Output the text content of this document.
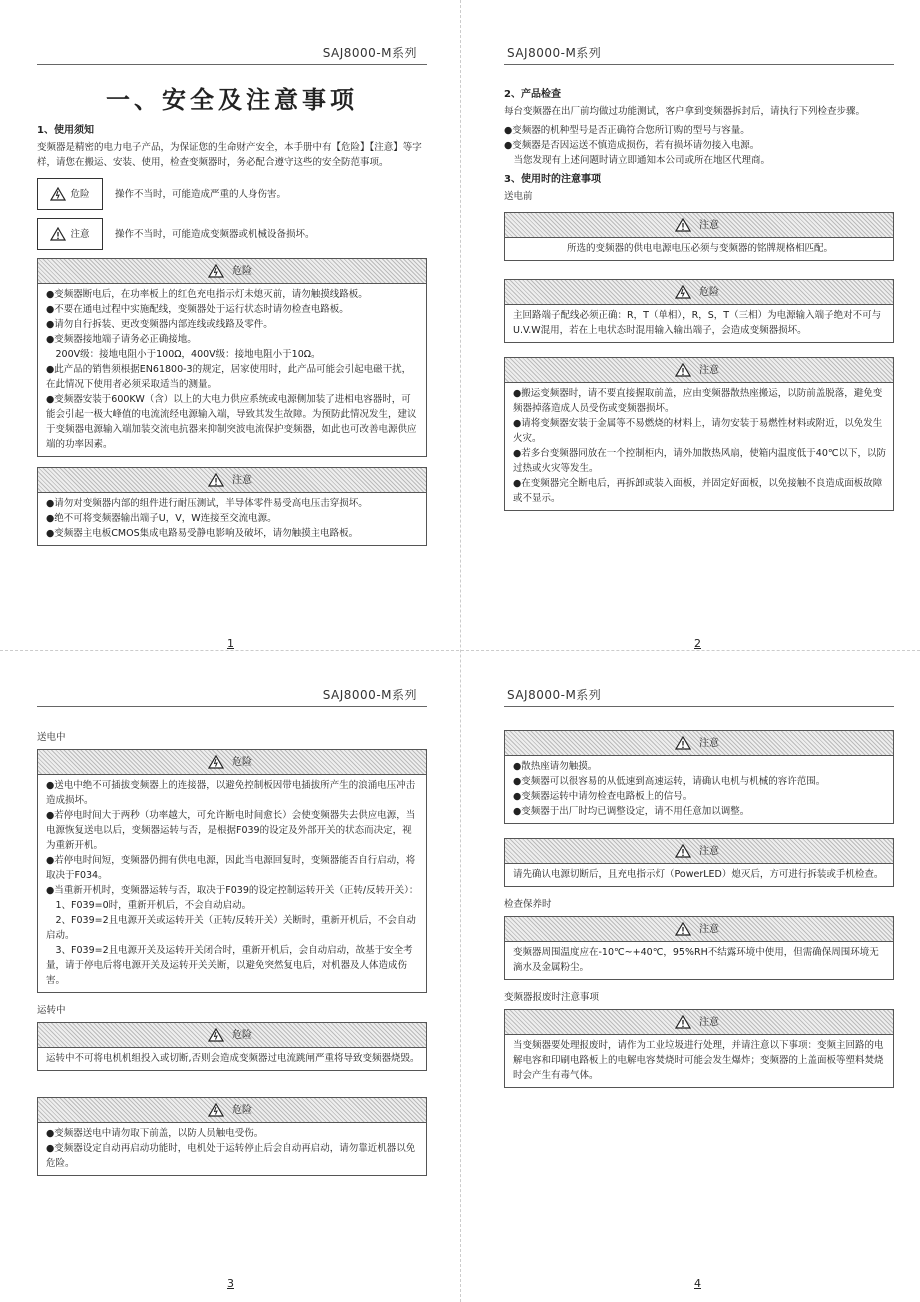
SAJ8000-M系列
一、安全及注意事项
1、使用须知

变频器是精密的电力电子产品，为保证您的生命财产安全，本手册中有【危险】【注意】等字样，请您在搬运、安装、使用，检查变频器时，务必配合遵守这些的安全防范事项。

危险	操作不当时，可能造成严重的人身伤害。
注意	操作不当时，可能造成变频器或机械设备损坏。
危险

●变频器断电后，在功率板上的红色充电指示灯未熄灭前，请勿触摸线路板。

●不要在通电过程中实施配线，变频器处于运行状态时请勿检查电路板。

●请勿自行拆装、更改变频器内部连线或线路及零件。

●变频器接地端子请务必正确接地。

　200V级：接地电阻小于100Ω，400V级：接地电阻小于10Ω。

●此产品的销售须根据EN61800-3的规定，居家使用时，此产品可能会引起电磁干扰，在此情况下使用者必须采取适当的测量。

●变频器安装于600KW（含）以上的大电力供应系统或电源侧加装了进相电容器时，可能会引起一极大峰值的电流流经电源输入端，导致其发生故障。为预防此情况发生，建议于变频器电源输入端加装交流电抗器来抑制突波电流保护变频器，如此也可改善电源供应端的功率因素。

注意

●请勿对变频器内部的组件进行耐压测试，半导体零件易受高电压击穿损坏。

●绝不可将变频器输出端子U，V，W连接至交流电源。

●变频器主电板CMOS集成电路易受静电影响及破坏，请勿触摸主电路板。

1
SAJ8000-M系列
2、产品检查

每台变频器在出厂前均做过功能测试，客户拿到变频器拆封后，请执行下列检查步骤。

●变频器的机种型号是否正确符合您所订购的型号与容量。

●变频器是否因运送不慎造成损伤，若有损坏请勿接入电源。

　当您发现有上述问题时请立即通知本公司或所在地区代理商。

3、使用时的注意事项
送电前
注意

所选的变频器的供电电源电压必须与变频器的铭牌规格相匹配。

危险

主回路端子配线必须正确：R，T（单相），R，S，T（三相）为电源输入端子绝对不可与U.V.W混用，若在上电状态时混用输入输出端子，会造成变频器损坏。

注意

●搬运变频器时，请不要直接握取前盖，应由变频器散热座搬运，以防前盖脱落，避免变频器掉落造成人员受伤或变频器损坏。

●请将变频器安装于金属等不易燃烧的材料上，请勿安装于易燃性材料或附近，以免发生火灾。

●若多台变频器同放在一个控制柜内，请外加散热风扇，使箱内温度低于40℃以下，以防过热或火灾等发生。

●在变频器完全断电后，再拆卸或装入面板，并固定好面板，以免接触不良造成面板故障或不显示。

2
SAJ8000-M系列
送电中
危险

●送电中绝不可插拔变频器上的连接器，以避免控制板因带电插拔所产生的浪涌电压冲击造成损坏。

●若停电时间大于两秒（功率越大，可允许断电时间愈长）会使变频器失去供应电源，当电源恢复送电以后，变频器运转与否，是根据F039的设定及外部开关的状态而决定，视为重新开机。

●若停电时间短，变频器仍拥有供电电源，因此当电源回复时，变频器能否自行启动，将取决于F034。

●当重新开机时，变频器运转与否，取决于F039的设定控制运转开关（正转/反转开关）：

　1、F039=0时，重新开机后，不会自动启动。

　2、F039=2且电源开关或运转开关（正转/反转开关）关断时，重新开机后，不会自动启动。

　3、F039=2且电源开关及运转开关闭合时，重新开机后，会自动启动，故基于安全考量，请于停电后将电源开关及运转开关关断，以避免突然复电后，对机器及人体造成伤害。

运转中
危险

运转中不可将电机机组投入或切断,否则会造成变频器过电流跳闸严重将导致变频器烧毁。

危险

●变频器送电中请勿取下前盖，以防人员触电受伤。

●变频器设定自动再启动功能时，电机处于运转停止后会自动再启动，请勿靠近机器以免危险。

3
SAJ8000-M系列
注意

●散热座请勿触摸。

●变频器可以很容易的从低速到高速运转，请确认电机与机械的容许范围。

●变频器运转中请勿检查电路板上的信号。

●变频器于出厂时均已调整设定，请不用任意加以调整。

注意

请先确认电源切断后，且充电指示灯（PowerLED）熄灭后，方可进行拆装或手机检查。

检查保养时
注意

变频器周围温度应在-10℃~+40℃，95%RH不结露环境中使用，但需确保周围环境无滴水及金属粉尘。

变频器报废时注意事项
注意

当变频器要处理报废时，请作为工业垃圾进行处理，并请注意以下事项：变频主回路的电解电容和印刷电路板上的电解电容焚烧时可能会发生爆炸；变频器的上盖面板等塑料焚烧时会产生有毒气体。

4
